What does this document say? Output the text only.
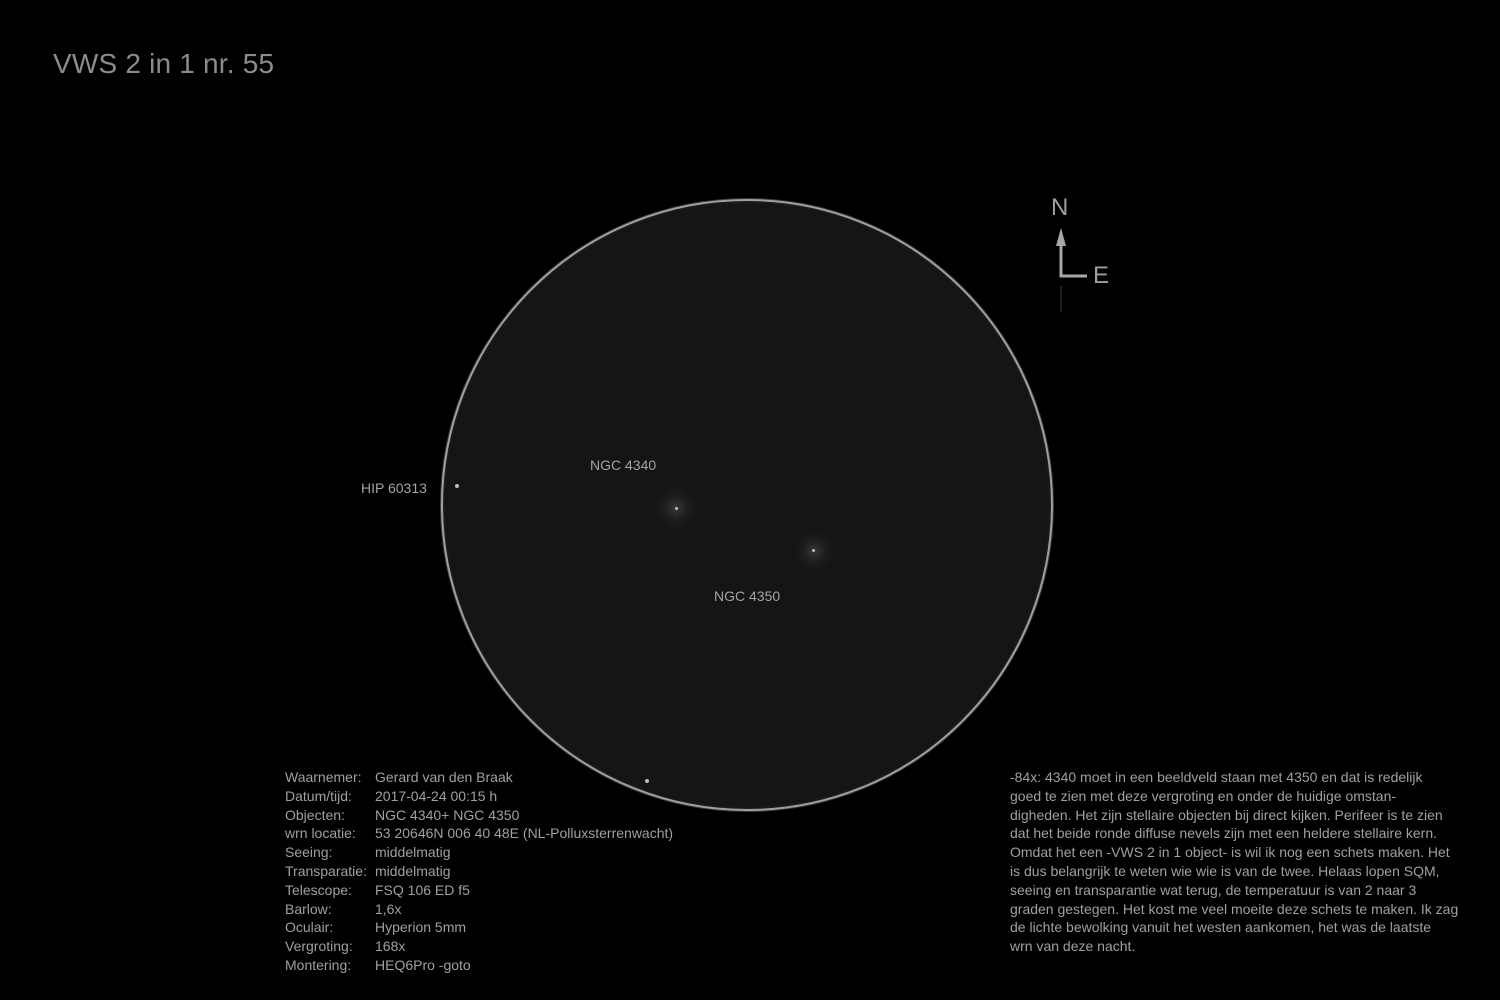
VWS 2 in 1 nr. 55
HIP 60313
NGC 4340
NGC 4350
N
E
Waarnemer: Gerard van den Braak
Datum/tijd:	2017-04-24 00:15 h
Objecten:	NGC 4340+ NGC 4350
wrn locatie:	53 20646N 006 40 48E (NL-Polluxsterrenwacht)
Seeing:	middelmatig
Transparatie: middelmatig
Telescope:	FSQ 106 ED f5
Barlow:	1,6x
Oculair:	Hyperion 5mm
Vergroting:	168x
Montering:	HEQ6Pro -goto
-84x: 4340 moet in een beeldveld staan met 4350 en dat is redelijk
goed te zien met deze vergroting en onder de huidige omstan-
digheden. Het zijn stellaire objecten bij direct kijken. Perifeer is te zien
dat het beide ronde diffuse nevels zijn met een heldere stellaire kern.
Omdat het een -VWS 2 in 1 object- is wil ik nog een schets maken. Het
is dus belangrijk te weten wie wie is van de twee. Helaas lopen SQM,
seeing en transparantie wat terug, de temperatuur is van 2 naar 3
graden gestegen. Het kost me veel moeite deze schets te maken. Ik zag
de lichte bewolking vanuit het westen aankomen, het was de laatste
wrn van deze nacht.
